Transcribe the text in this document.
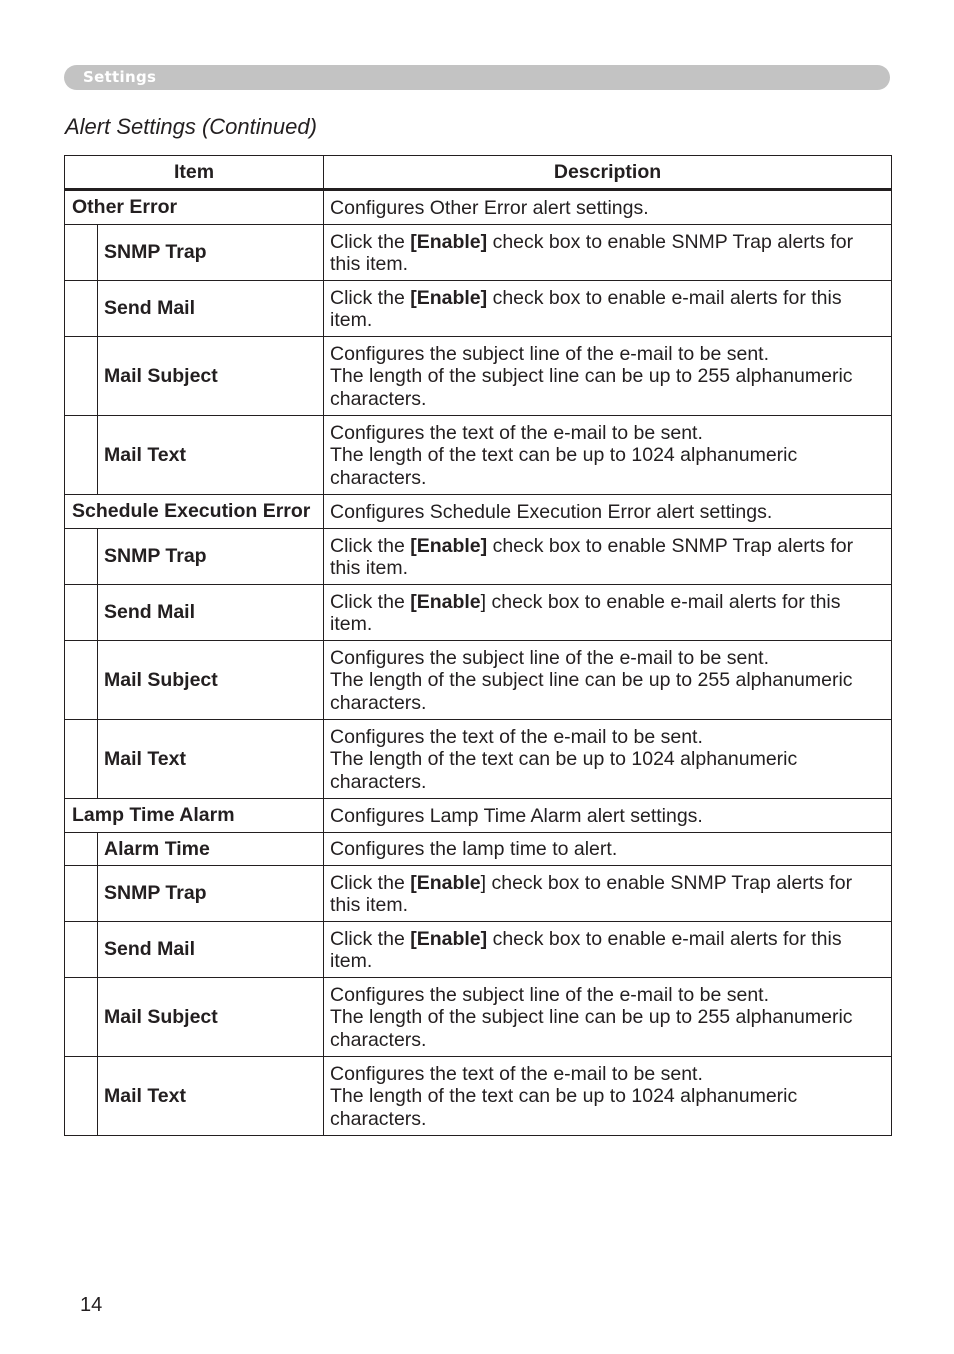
Settings
Alert Settings (Continued)
Item		Description
Other Error		Configures Other Error alert settings.
	SNMP Trap	Click the [Enable] check box to enable SNMP Trap alerts for this item.
	Send Mail	Click the [Enable] check box to enable e-mail alerts for this item.
	Mail Subject	Configures the subject line of the e-mail to be sent.
The length of the subject line can be up to 255 alphanumeric characters.

	Mail Text	Configures the text of the e-mail to be sent.
The length of the text can be up to 1024 alphanumeric characters.

Schedule Execution Error		Configures Schedule Execution Error alert settings.
	SNMP Trap	Click the [Enable] check box to enable SNMP Trap alerts for this item.
	Send Mail	Click the [Enable] check box to enable e-mail alerts for this item.
	Mail Subject	Configures the subject line of the e-mail to be sent.
The length of the subject line can be up to 255 alphanumeric characters.

	Mail Text	Configures the text of the e-mail to be sent.
The length of the text can be up to 1024 alphanumeric characters.

Lamp Time Alarm		Configures Lamp Time Alarm alert settings.
	Alarm Time	Configures the lamp time to alert.
	SNMP Trap	Click the [Enable] check box to enable SNMP Trap alerts for this item.
	Send Mail	Click the [Enable] check box to enable e-mail alerts for this item.
	Mail Subject	Configures the subject line of the e-mail to be sent.
The length of the subject line can be up to 255 alphanumeric characters.

	Mail Text	Configures the text of the e-mail to be sent.
The length of the text can be up to 1024 alphanumeric characters.
14
